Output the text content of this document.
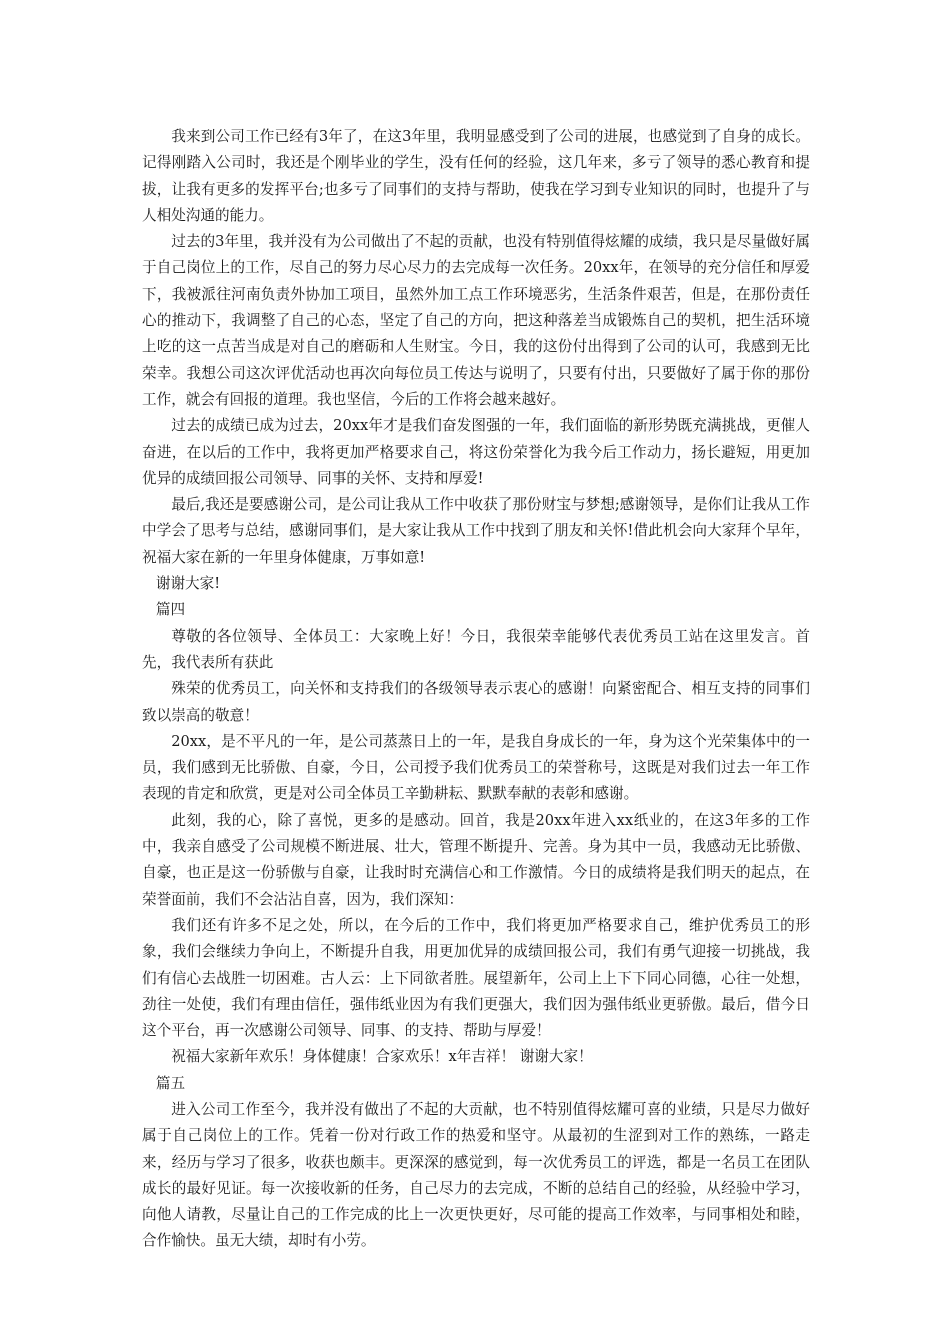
我来到公司工作已经有3年了，在这3年里，我明显感受到了公司的进展，也感觉到了自身的成长。记得刚踏入公司时，我还是个刚毕业的学生，没有任何的经验，这几年来，多亏了领导的悉心教育和提拔，让我有更多的发挥平台;也多亏了同事们的支持与帮助，使我在学习到专业知识的同时，也提升了与人相处沟通的能力。

过去的3年里，我并没有为公司做出了不起的贡献，也没有特别值得炫耀的成绩，我只是尽量做好属于自己岗位上的工作，尽自己的努力尽心尽力的去完成每一次任务。20xx年，在领导的充分信任和厚爱下，我被派往河南负责外协加工项目，虽然外加工点工作环境恶劣，生活条件艰苦，但是，在那份责任心的推动下，我调整了自己的心态，坚定了自己的方向，把这种落差当成锻炼自己的契机，把生活环境上吃的这一点苦当成是对自己的磨砺和人生财宝。今日，我的这份付出得到了公司的认可，我感到无比荣幸。我想公司这次评优活动也再次向每位员工传达与说明了，只要有付出，只要做好了属于你的那份工作，就会有回报的道理。我也坚信，今后的工作将会越来越好。

过去的成绩已成为过去，20xx年才是我们奋发图强的一年，我们面临的新形势既充满挑战，更催人奋进，在以后的工作中，我将更加严格要求自己，将这份荣誉化为我今后工作动力，扬长避短，用更加优异的成绩回报公司领导、同事的关怀、支持和厚爱!

最后,我还是要感谢公司，是公司让我从工作中收获了那份财宝与梦想;感谢领导，是你们让我从工作中学会了思考与总结，感谢同事们，是大家让我从工作中找到了朋友和关怀!借此机会向大家拜个早年，祝福大家在新的一年里身体健康，万事如意!

谢谢大家!

篇四

尊敬的各位领导、全体员工：大家晚上好！今日，我很荣幸能够代表优秀员工站在这里发言。首先，我代表所有获此

殊荣的优秀员工，向关怀和支持我们的各级领导表示衷心的感谢！向紧密配合、相互支持的同事们致以崇高的敬意！

20xx，是不平凡的一年，是公司蒸蒸日上的一年，是我自身成长的一年，身为这个光荣集体中的一员，我们感到无比骄傲、自豪，今日，公司授予我们优秀员工的荣誉称号，这既是对我们过去一年工作表现的肯定和欣赏，更是对公司全体员工辛勤耕耘、默默奉献的表彰和感谢。

此刻，我的心，除了喜悦，更多的是感动。回首，我是20xx年进入xx纸业的，在这3年多的工作中，我亲自感受了公司规模不断进展、壮大，管理不断提升、完善。身为其中一员，我感动无比骄傲、自豪，也正是这一份骄傲与自豪，让我时时充满信心和工作激情。今日的成绩将是我们明天的起点，在荣誉面前，我们不会沾沾自喜，因为，我们深知：

我们还有许多不足之处，所以，在今后的工作中，我们将更加严格要求自己，维护优秀员工的形象，我们会继续力争向上，不断提升自我，用更加优异的成绩回报公司，我们有勇气迎接一切挑战，我们有信心去战胜一切困难。古人云：上下同欲者胜。展望新年，公司上上下下同心同德，心往一处想，劲往一处使，我们有理由信任，强伟纸业因为有我们更强大，我们因为强伟纸业更骄傲。最后，借今日这个平台，再一次感谢公司领导、同事、的支持、帮助与厚爱！

祝福大家新年欢乐！身体健康！合家欢乐！x年吉祥！ 谢谢大家！

篇五

进入公司工作至今，我并没有做出了不起的大贡献，也不特别值得炫耀可喜的业绩，只是尽力做好属于自己岗位上的工作。凭着一份对行政工作的热爱和坚守。从最初的生涩到对工作的熟练，一路走来，经历与学习了很多，收获也颇丰。更深深的感觉到，每一次优秀员工的评选，都是一名员工在团队成长的最好见证。每一次接收新的任务，自己尽力的去完成，不断的总结自己的经验，从经验中学习，向他人请教，尽量让自己的工作完成的比上一次更快更好，尽可能的提高工作效率，与同事相处和睦，合作愉快。虽无大绩，却时有小劳。
